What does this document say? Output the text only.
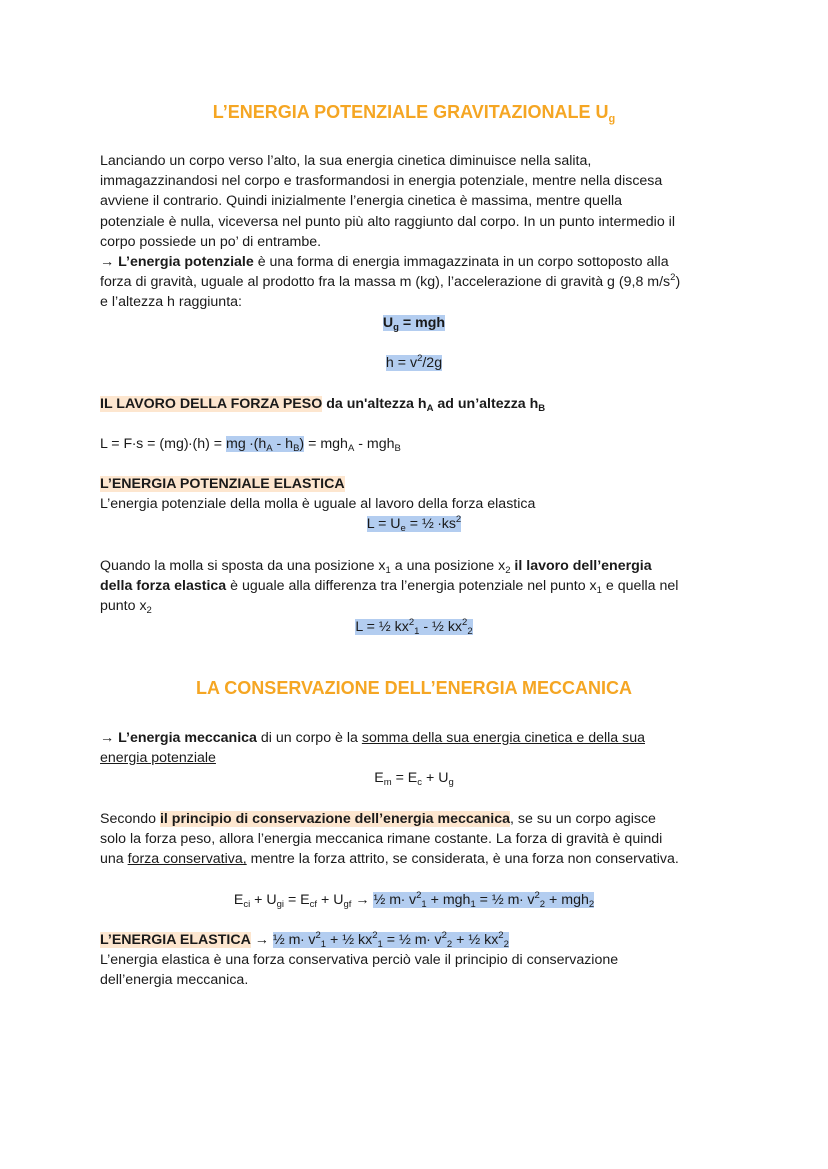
L’ENERGIA POTENZIALE GRAVITAZIONALE $U_g$

Lanciando un corpo verso l’alto, la sua energia cinetica diminuisce nella salita,

immagazzinandosi nel corpo e trasformandosi in energia potenziale, mentre nella discesa

avviene il contrario. Quindi inizialmente l’energia cinetica è massima, mentre quella

potenziale è nulla, viceversa nel punto più alto raggiunto dal corpo. In un punto intermedio il

corpo possiede un po’ di entrambe.

→ L’energia potenziale è una forma di energia immagazzinata in un corpo sottoposto alla

forza di gravità, uguale al prodotto fra la massa m (kg), l’accelerazione di gravità g (9,8 $m/s^2$)

e l’altezza h raggiunta:

$U_g$ = mgh

$h = v^2/2g$

IL LAVORO DELLA FORZA PESO da un'altezza $h_A$ ad un’altezza $h_B$

L = F∙s = (mg)∙(h) = mg $\cdot(h_A - h_B) = mgh_A - mgh_B$

L’ENERGIA POTENZIALE ELASTICA

L’energia potenziale della molla è uguale al lavoro della forza elastica

$L = U_e$ = ½ $\cdot ks^2$

Quando la molla si sposta da una posizione $x_1$ a una posizione $x_2$ il lavoro dell’energia

della forza elastica è uguale alla differenza tra l’energia potenziale nel punto $x_1$ e quella nel

punto $x_2$

L = ½ $kx^2_1$ - ½ $kx^2_2$

LA CONSERVAZIONE DELL’ENERGIA MECCANICA

→ L’energia meccanica di un corpo è la somma della sua energia cinetica e della sua

energia potenziale

$E_m = E_c + U_g$

Secondo il principio di conservazione dell’energia meccanica, se su un corpo agisce

solo la forza peso, allora l’energia meccanica rimane costante. La forza di gravità è quindi

una forza conservativa, mentre la forza attrito, se considerata, è una forza non conservativa.

$E_{ci} + U_{gi} = E_{cf} + U_{gf}$ → ½ $m\cdot v^2_1 + mgh_1$ = ½ $m\cdot v^2_2 + mgh_2$

L’ENERGIA ELASTICA → ½ $m\cdot v^2_1$ + ½ $kx^2_1$ = ½ $m\cdot v^2_2$ + ½ $kx^2_2$

L’energia elastica è una forza conservativa perciò vale il principio di conservazione

dell’energia meccanica.
